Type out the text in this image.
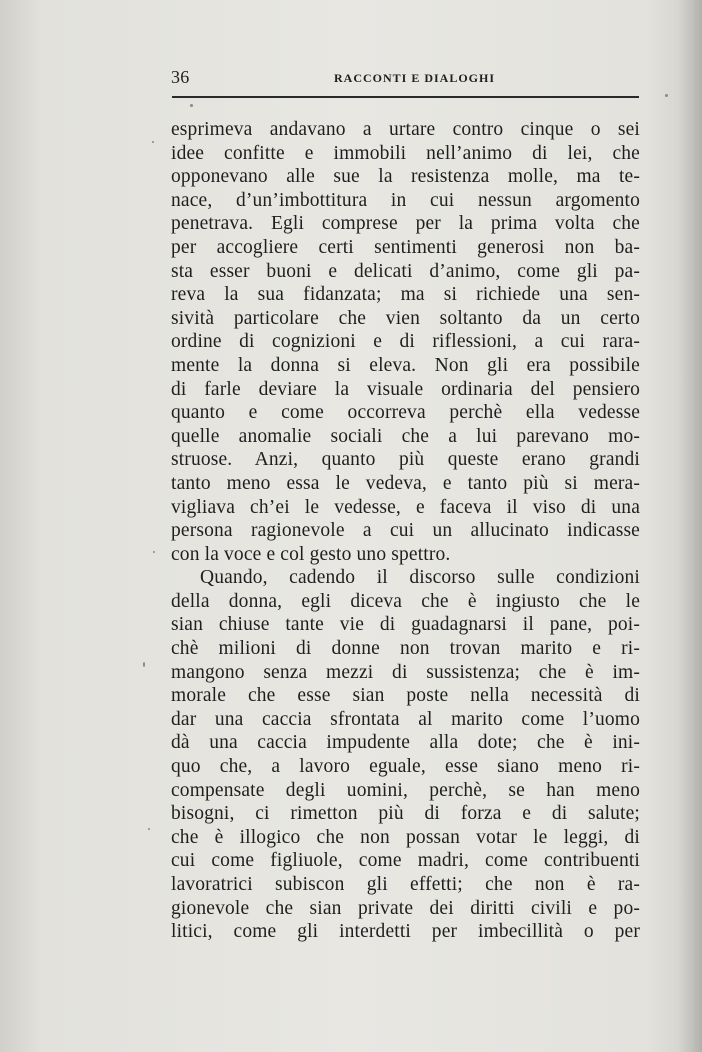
36	RACCONTI E DIALOGHI
esprimeva andavano a urtare contro cinque o sei
idee confitte e immobili nell’animo di lei, che
opponevano alle sue la resistenza molle, ma te-
nace, d’un’imbottitura in cui nessun argomento
penetrava. Egli comprese per la prima volta che
per accogliere certi sentimenti generosi non ba-
sta esser buoni e delicati d’animo, come gli pa-
reva la sua fidanzata; ma si richiede una sen-
sività particolare che vien soltanto da un certo
ordine di cognizioni e di riflessioni, a cui rara-
mente la donna si eleva. Non gli era possibile
di farle deviare la visuale ordinaria del pensiero
quanto e come occorreva perchè ella vedesse
quelle anomalie sociali che a lui parevano mo-
struose. Anzi, quanto più queste erano grandi
tanto meno essa le vedeva, e tanto più si mera-
vigliava ch’ei le vedesse, e faceva il viso di una
persona ragionevole a cui un allucinato indicasse
con la voce e col gesto uno spettro.
Quando, cadendo il discorso sulle condizioni
della donna, egli diceva che è ingiusto che le
sian chiuse tante vie di guadagnarsi il pane, poi-
chè milioni di donne non trovan marito e ri-
mangono senza mezzi di sussistenza; che è im-
morale che esse sian poste nella necessità di
dar una caccia sfrontata al marito come l’uomo
dà una caccia impudente alla dote; che è ini-
quo che, a lavoro eguale, esse siano meno ri-
compensate degli uomini, perchè, se han meno
bisogni, ci rimetton più di forza e di salute;
che è illogico che non possan votar le leggi, di
cui come figliuole, come madri, come contribuenti
lavoratrici subiscon gli effetti; che non è ra-
gionevole che sian private dei diritti civili e po-
litici, come gli interdetti per imbecillità o per
